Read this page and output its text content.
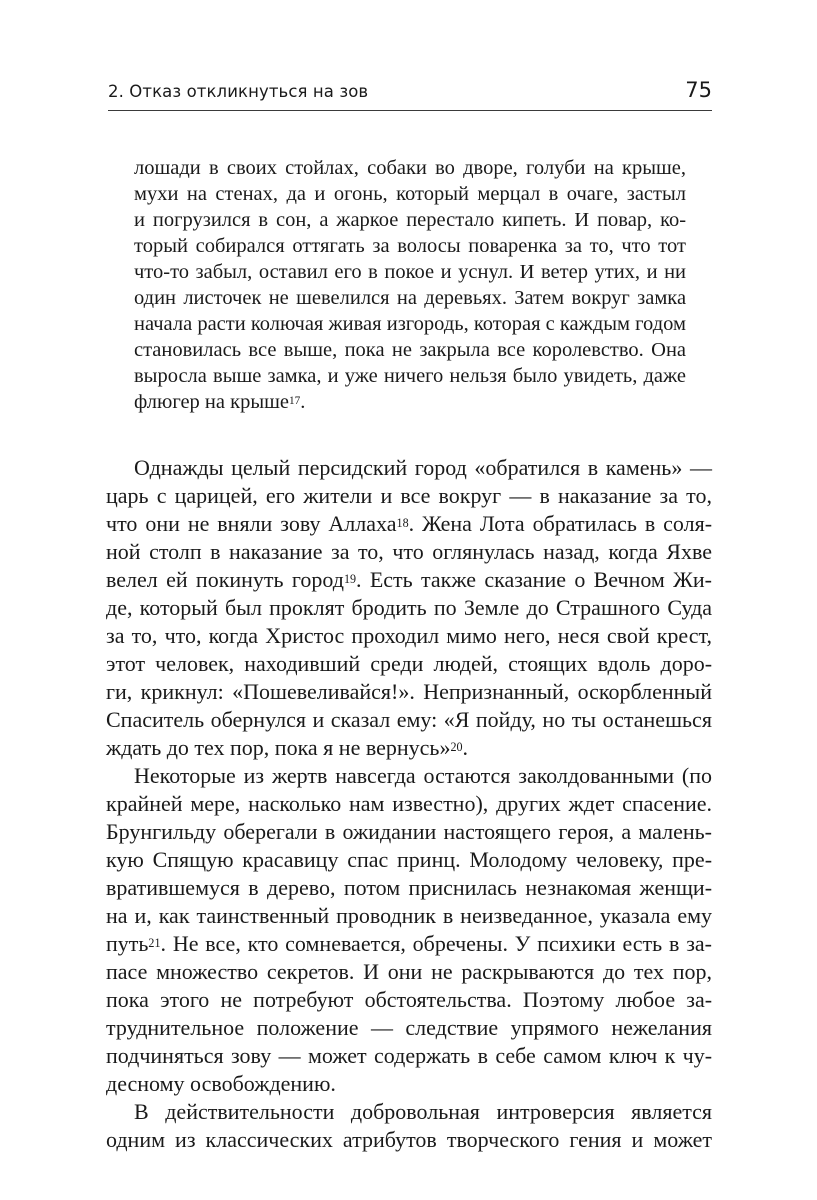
2. Отказ откликнуться на зов	75
лошади в своих стойлах, собаки во дворе, голуби на крыше,
мухи на стенах, да и огонь, который мерцал в очаге, застыл
и погрузился в сон, а жаркое перестало кипеть. И повар, ко-
торый собирался оттягать за волосы поваренка за то, что тот
что-то забыл, оставил его в покое и уснул. И ветер утих, и ни
один листочек не шевелился на деревьях. Затем вокруг замка
начала расти колючая живая изгородь, которая с каждым годом
становилась все выше, пока не закрыла все королевство. Она
выросла выше замка, и уже ничего нельзя было увидеть, даже
флюгер на крыше$^{17}$ .
Однажды целый персидский город «обратился в камень» —
царь с царицей, его жители и все вокруг — в наказание за то,
что они не вняли зову Аллаха$^{18}$ . Жена Лота обратилась в соля-
ной столп в наказание за то, что оглянулась назад, когда Яхве
велел ей покинуть город$^{19}$ . Есть также сказание о Вечном Жи-
де, который был проклят бродить по Земле до Страшного Суда
за то, что, когда Христос проходил мимо него, неся свой крест,
этот человек, находивший среди людей, стоящих вдоль доро-
ги, крикнул: «Пошевеливайся!». Непризнанный, оскорбленный
Спаситель обернулся и сказал ему: «Я пойду, но ты останешься
ждать до тех пор, пока я не вернусь»$^{20}$ .
Некоторые из жертв навсегда остаются заколдованными (по
крайней мере, насколько нам известно), других ждет спасение.
Брунгильду оберегали в ожидании настоящего героя, а малень-
кую Спящую красавицу спас принц. Молодому человеку, пре-
вратившемуся в дерево, потом приснилась незнакомая женщи-
на и, как таинственный проводник в неизведанное, указала ему
путь$^{21}$ . Не все, кто сомневается, обречены. У психики есть в за-
пасе множество секретов. И они не раскрываются до тех пор,
пока этого не потребуют обстоятельства. Поэтому любое за-
труднительное положение — следствие упрямого нежелания
подчиняться зову — может содержать в себе самом ключ к чу-
десному освобождению.
В действительности добровольная интроверсия является
одним из классических атрибутов творческого гения и может
